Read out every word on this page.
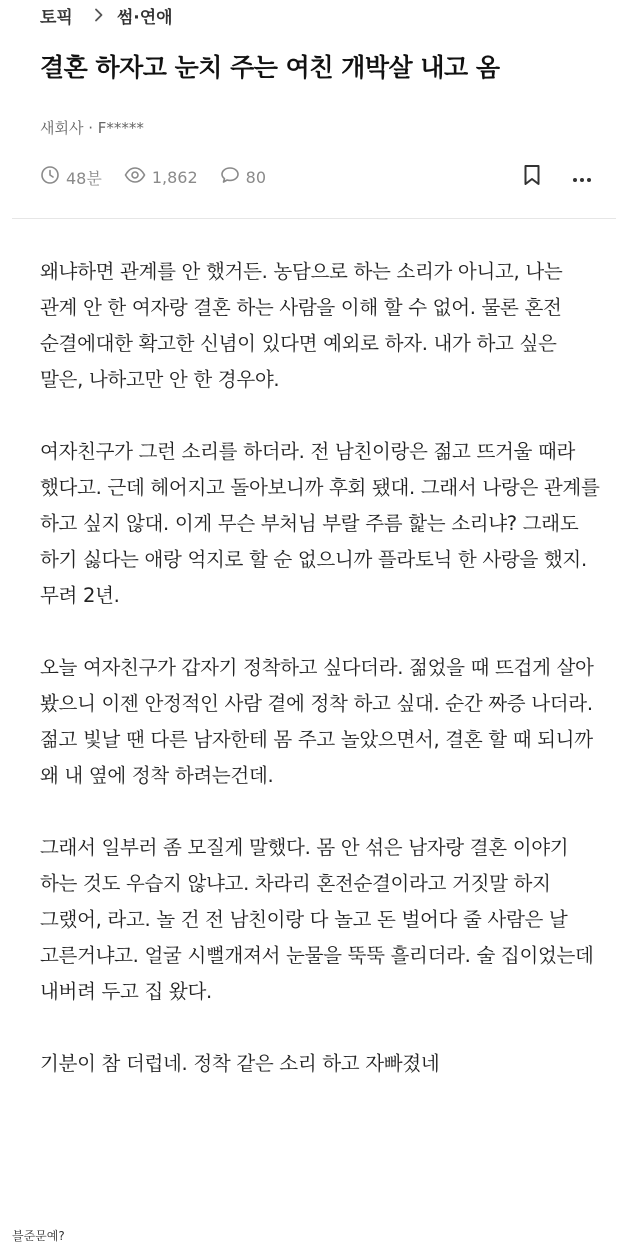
토픽	썸·연애
결혼 하자고 눈치 주는 여친 개박살 내고 옴
새회사 · F*****
48분	1,862	80

왜냐하면 관계를 안 했거든. 농담으로 하는 소리가 아니고, 나는 관계 안 한 여자랑 결혼 하는 사람을 이해 할 수 없어. 물론 혼전 순결에대한 확고한 신념이 있다면 예외로 하자. 내가 하고 싶은 말은, 나하고만 안 한 경우야.

여자친구가 그런 소리를 하더라. 전 남친이랑은 젊고 뜨거울 때라 했다고. 근데 헤어지고 돌아보니까 후회 됐대. 그래서 나랑은 관계를 하고 싶지 않대. 이게 무슨 부처님 부랄 주름 핥는 소리냐? 그래도 하기 싫다는 애랑 억지로 할 순 없으니까 플라토닉 한 사랑을 했지. 무려 2년.

오늘 여자친구가 갑자기 정착하고 싶다더라. 젊었을 때 뜨겁게 살아 봤으니 이젠 안정적인 사람 곁에 정착 하고 싶대. 순간 짜증 나더라. 젊고 빛날 땐 다른 남자한테 몸 주고 놀았으면서, 결혼 할 때 되니까 왜 내 옆에 정착 하려는건데.

그래서 일부러 좀 모질게 말했다. 몸 안 섞은 남자랑 결혼 이야기 하는 것도 우습지 않냐고. 차라리 혼전순결이라고 거짓말 하지 그랬어, 라고. 놀 건 전 남친이랑 다 놀고 돈 벌어다 줄 사람은 날 고른거냐고. 얼굴 시뻘개져서 눈물을 뚝뚝 흘리더라. 술 집이었는데 내버려 두고 집 왔다.

기분이 참 더럽네. 정착 같은 소리 하고 자빠졌네

블준문예?
